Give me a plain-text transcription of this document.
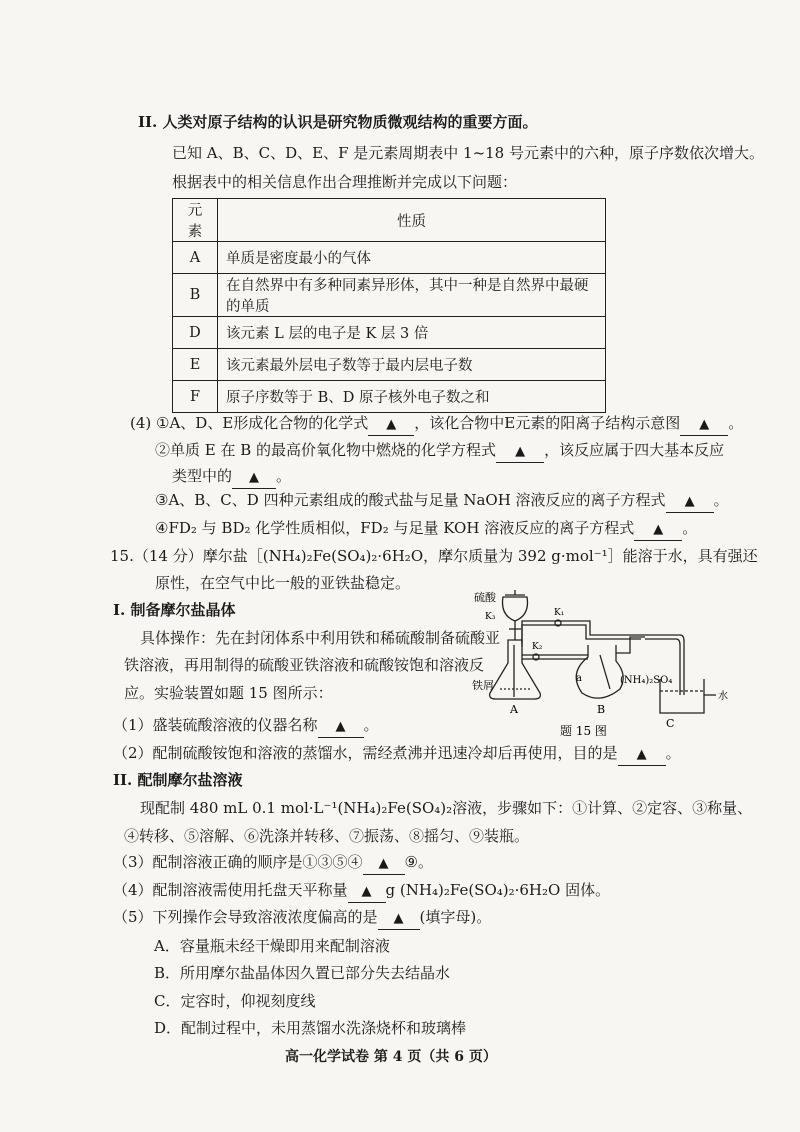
II. 人类对原子结构的认识是研究物质微观结构的重要方面。
已知 A、B、C、D、E、F 是元素周期表中 1~18 号元素中的六种，原子序数依次增大。
根据表中的相关信息作出合理推断并完成以下问题：
元素	性质
A	单质是密度最小的气体
B	在自然界中有多种同素异形体，其中一种是自然界中最硬的单质
D	该元素 L 层的电子是 K 层 3 倍
E	该元素最外层电子数等于最内层电子数
F	原子序数等于 B、D 原子核外电子数之和
(4) ①A、D、E形成化合物的化学式 ▲ ，该化合物中E元素的阳离子结构示意图 ▲ 。
②单质 E 在 B 的最高价氧化物中燃烧的化学方程式 ▲ ，该反应属于四大基本反应
类型中的 ▲ 。
③A、B、C、D 四种元素组成的酸式盐与足量 NaOH 溶液反应的离子方程式 ▲ 。
④FD₂ 与 BD₂ 化学性质相似，FD₂ 与足量 KOH 溶液反应的离子方程式 ▲ 。
15.（14 分）摩尔盐［(NH₄)₂Fe(SO₄)₂·6H₂O，摩尔质量为 392 g·mol⁻¹］能溶于水，具有强还
原性，在空气中比一般的亚铁盐稳定。
I. 制备摩尔盐晶体
具体操作：先在封闭体系中利用铁和稀硫酸制备硫酸亚
铁溶液，再用制得的硫酸亚铁溶液和硫酸铵饱和溶液反
应。实验装置如题 15 图所示：
（1）盛装硫酸溶液的仪器名称 ▲ 。
（2）配制硫酸铵饱和溶液的蒸馏水，需经煮沸并迅速冷却后再使用，目的是 ▲ 。
II. 配制摩尔盐溶液
现配制 480 mL 0.1 mol·L⁻¹(NH₄)₂Fe(SO₄)₂溶液，步骤如下：①计算、②定容、③称量、
④转移、⑤溶解、⑥洗涤并转移、⑦振荡、⑧摇匀、⑨装瓶。
（3）配制溶液正确的顺序是①③⑤④ ▲ ⑨。
（4）配制溶液需使用托盘天平称量 ▲ g (NH₄)₂Fe(SO₄)₂·6H₂O 固体。
（5）下列操作会导致溶液浓度偏高的是 ▲ (填字母)。
A．容量瓶未经干燥即用来配制溶液
B．所用摩尔盐晶体因久置已部分失去结晶水
C．定容时，仰视刻度线
D．配制过程中，未用蒸馏水洗涤烧杯和玻璃棒
高一化学试卷 第 4 页（共 6 页）
硫酸
K₃	K₁
K₂
铁屑
a	(NH₄)₂SO₄
水
A	B
C
题 15 图
